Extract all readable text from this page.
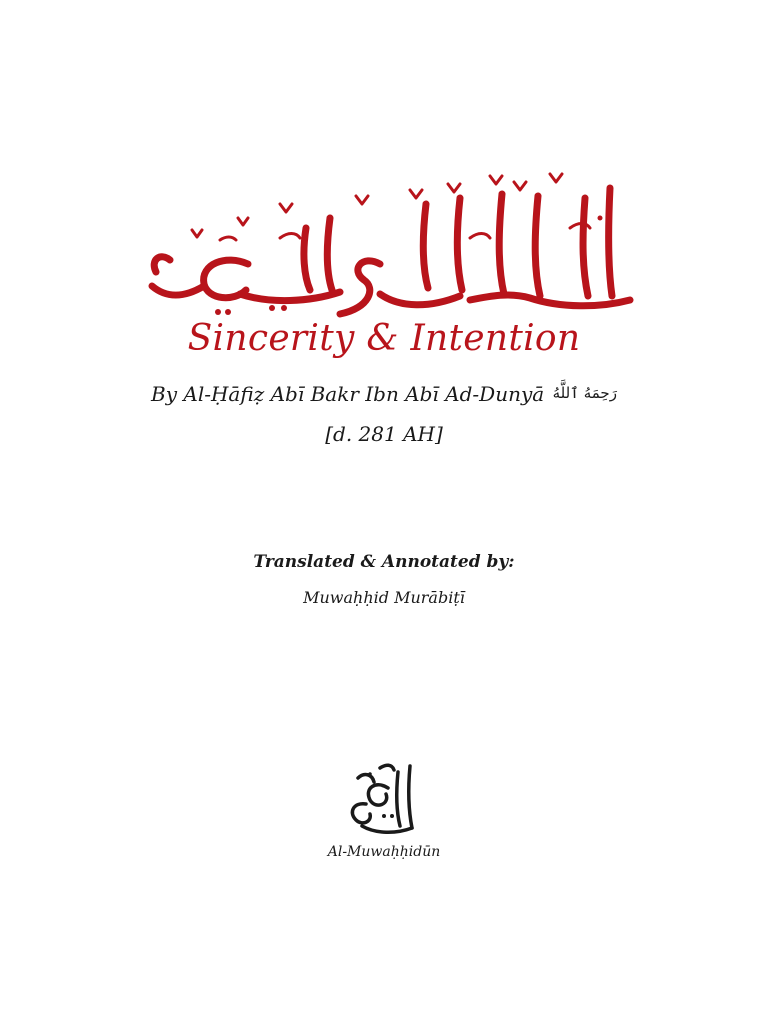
Sincerity & Intention
By Al-Ḥāfiẓ Abī Bakr Ibn Abī Ad-Dunyā رَحِمَهُ ٱللَّهُ
[d. 281 AH]
Translated & Annotated by:
Muwaḥḥid Murābiṭī
Al-Muwaḥḥidūn
